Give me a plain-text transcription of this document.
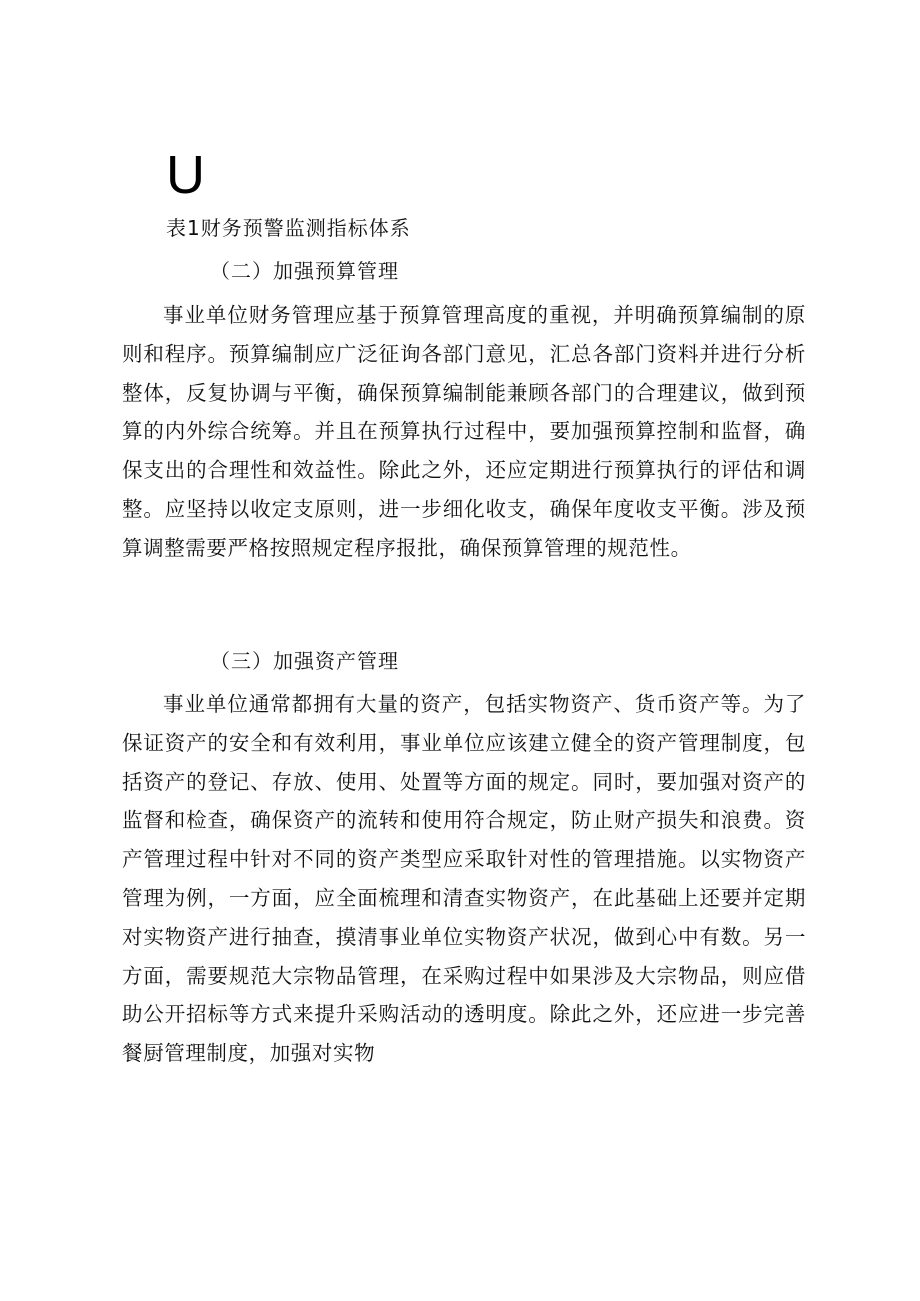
U
表1财务预警监测指标体系
（二）加强预算管理

事业单位财务管理应基于预算管理高度的重视，并明确预算编制的原则和程序。预算编制应广泛征询各部门意见，汇总各部门资料并进行分析整体，反复协调与平衡，确保预算编制能兼顾各部门的合理建议，做到预算的内外综合统筹。并且在预算执行过程中，要加强预算控制和监督，确保支出的合理性和效益性。除此之外，还应定期进行预算执行的评估和调整。应坚持以收定支原则，进一步细化收支，确保年度收支平衡。涉及预算调整需要严格按照规定程序报批，确保预算管理的规范性。

（三）加强资产管理

事业单位通常都拥有大量的资产，包括实物资产、货币资产等。为了保证资产的安全和有效利用，事业单位应该建立健全的资产管理制度，包括资产的登记、存放、使用、处置等方面的规定。同时，要加强对资产的监督和检查，确保资产的流转和使用符合规定，防止财产损失和浪费。资产管理过程中针对不同的资产类型应采取针对性的管理措施。以实物资产管理为例，一方面，应全面梳理和清查实物资产，在此基础上还要并定期对实物资产进行抽查，摸清事业单位实物资产状况，做到心中有数。另一方面，需要规范大宗物品管理，在采购过程中如果涉及大宗物品，则应借助公开招标等方式来提升采购活动的透明度。除此之外，还应进一步完善餐厨管理制度，加强对实物
